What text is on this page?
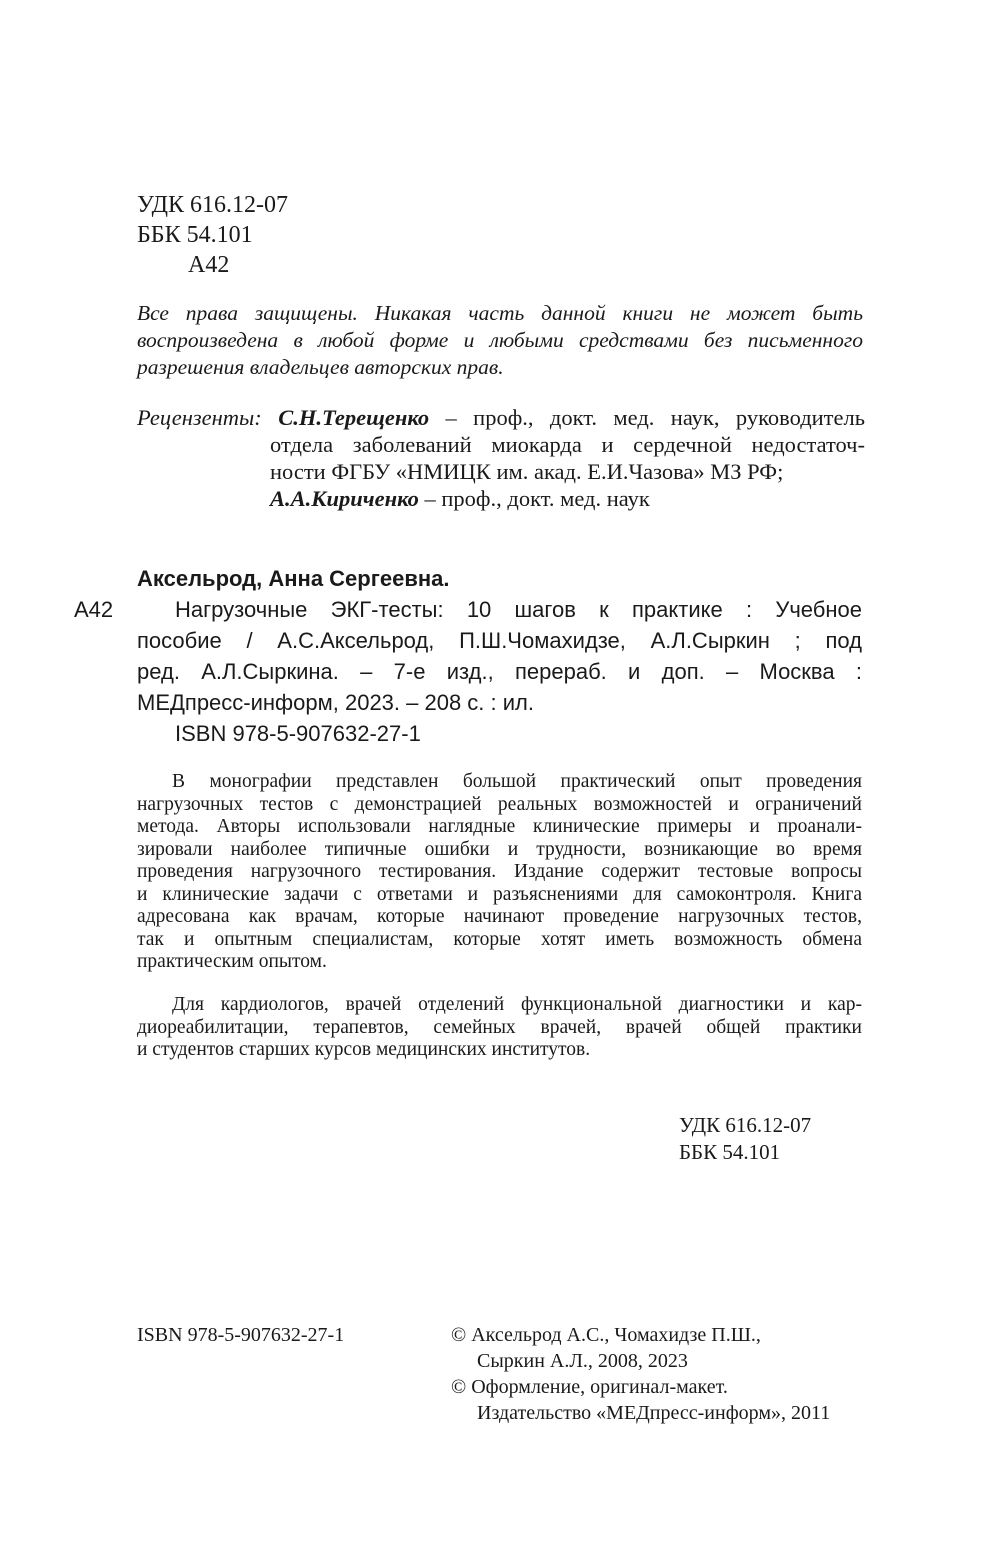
УДК 616.12-07
ББК 54.101
А42
Все права защищены. Никакая часть данной книги не может быть
воспроизведена в любой форме и любыми средствами без письменного
разрешения владельцев авторских прав.
Рецензенты: С.Н.Терещенко – проф., докт. мед. наук, руководитель
отдела заболеваний миокарда и сердечной недостаточ-
ности ФГБУ «НМИЦК им. акад. Е.И.Чазова» МЗ РФ;
А.А.Кириченко – проф., докт. мед. наук
Аксельрод, Анна Сергеевна.
А42	Нагрузочные ЭКГ-тесты: 10 шагов к практике : Учебное
пособие / А.С.Аксельрод, П.Ш.Чомахидзе, А.Л.Сыркин ; под
ред. А.Л.Сыркина. – 7-е изд., перераб. и доп. – Москва :
МЕДпресс-информ, 2023. – 208 с. : ил.
ISBN 978-5-907632-27-1
В монографии представлен большой практический опыт проведения
нагрузочных тестов с демонстрацией реальных возможностей и ограничений
метода. Авторы использовали наглядные клинические примеры и проанали-
зировали наиболее типичные ошибки и трудности, возникающие во время
проведения нагрузочного тестирования. Издание содержит тестовые вопросы
и клинические задачи с ответами и разъяснениями для самоконтроля. Книга
адресована как врачам, которые начинают проведение нагрузочных тестов,
так и опытным специалистам, которые хотят иметь возможность обмена
практическим опытом.
Для кардиологов, врачей отделений функциональной диагностики и кар-
диореабилитации, терапевтов, семейных врачей, врачей общей практики
и студентов старших курсов медицинских институтов.
УДК 616.12-07
ББК 54.101
ISBN 978-5-907632-27-1	© Аксельрод А.С., Чомахидзе П.Ш.,
Сыркин А.Л., 2008, 2023
© Оформление, оригинал-макет.
Издательство «МЕДпресс-информ», 2011
